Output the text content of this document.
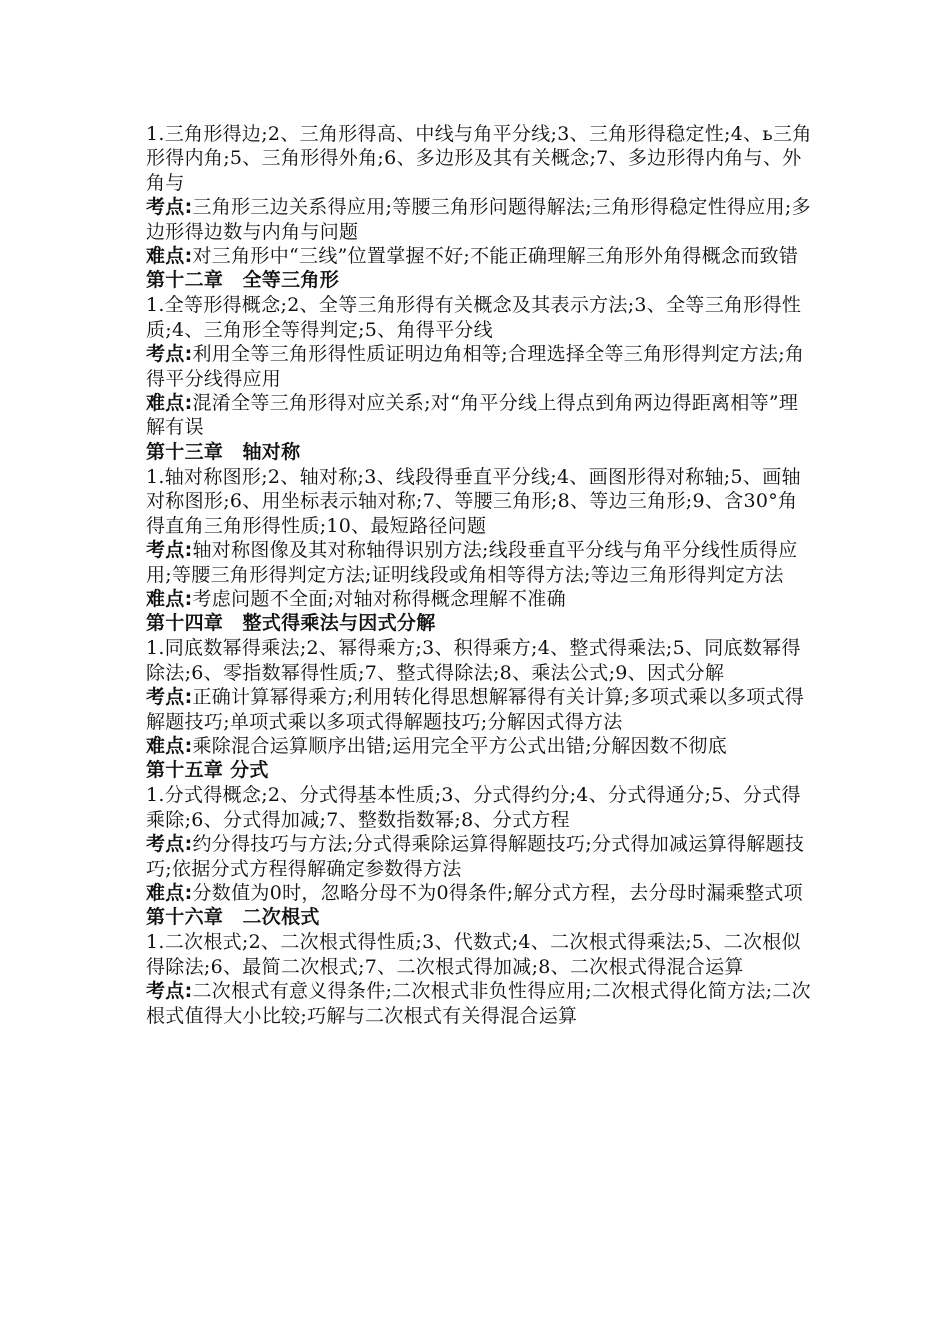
1.三角形得边;2、三角形得高、中线与角平分线;3、三角形得稳定性;4、ь三角形得内角;5、三角形得外角;6、多边形及其有关概念;7、多边形得内角与、外角与

考点:三角形三边关系得应用;等腰三角形问题得解法;三角形得稳定性得应用;多边形得边数与内角与问题

难点:对三角形中“三线”位置掌握不好;不能正确理解三角形外角得概念而致错

第十二章　全等三角形

1.全等形得概念;2、全等三角形得有关概念及其表示方法;3、全等三角形得性质;4、三角形全等得判定;5、角得平分线

考点:利用全等三角形得性质证明边角相等;合理选择全等三角形得判定方法;角得平分线得应用

难点:混淆全等三角形得对应关系;对“角平分线上得点到角两边得距离相等”理解有误

第十三章　轴对称

1.轴对称图形;2、轴对称;3、线段得垂直平分线;4、画图形得对称轴;5、画轴对称图形;6、用坐标表示轴对称;7、等腰三角形;8、等边三角形;9、含30°角得直角三角形得性质;10、最短路径问题

考点:轴对称图像及其对称轴得识别方法;线段垂直平分线与角平分线性质得应用;等腰三角形得判定方法;证明线段或角相等得方法;等边三角形得判定方法

难点:考虑问题不全面;对轴对称得概念理解不准确

第十四章　整式得乘法与因式分解

1.同底数幂得乘法;2、幂得乘方;3、积得乘方;4、整式得乘法;5、同底数幂得除法;6、零指数幂得性质;7、整式得除法;8、乘法公式;9、因式分解

考点:正确计算幂得乘方;利用转化得思想解幂得有关计算;多项式乘以多项式得解题技巧;单项式乘以多项式得解题技巧;分解因式得方法

难点:乘除混合运算顺序出错;运用完全平方公式出错;分解因数不彻底

第十五章 分式

1.分式得概念;2、分式得基本性质;3、分式得约分;4、分式得通分;5、分式得乘除;6、分式得加减;7、整数指数幂;8、分式方程

考点:约分得技巧与方法;分式得乘除运算得解题技巧;分式得加减运算得解题技巧;依据分式方程得解确定参数得方法

难点:分数值为0时，忽略分母不为0得条件;解分式方程，去分母时漏乘整式项

第十六章　二次根式

1.二次根式;2、二次根式得性质;3、代数式;4、二次根式得乘法;5、二次根似得除法;6、最简二次根式;7、二次根式得加减;8、二次根式得混合运算

考点:二次根式有意义得条件;二次根式非负性得应用;二次根式得化简方法;二次根式值得大小比较;巧解与二次根式有关得混合运算
